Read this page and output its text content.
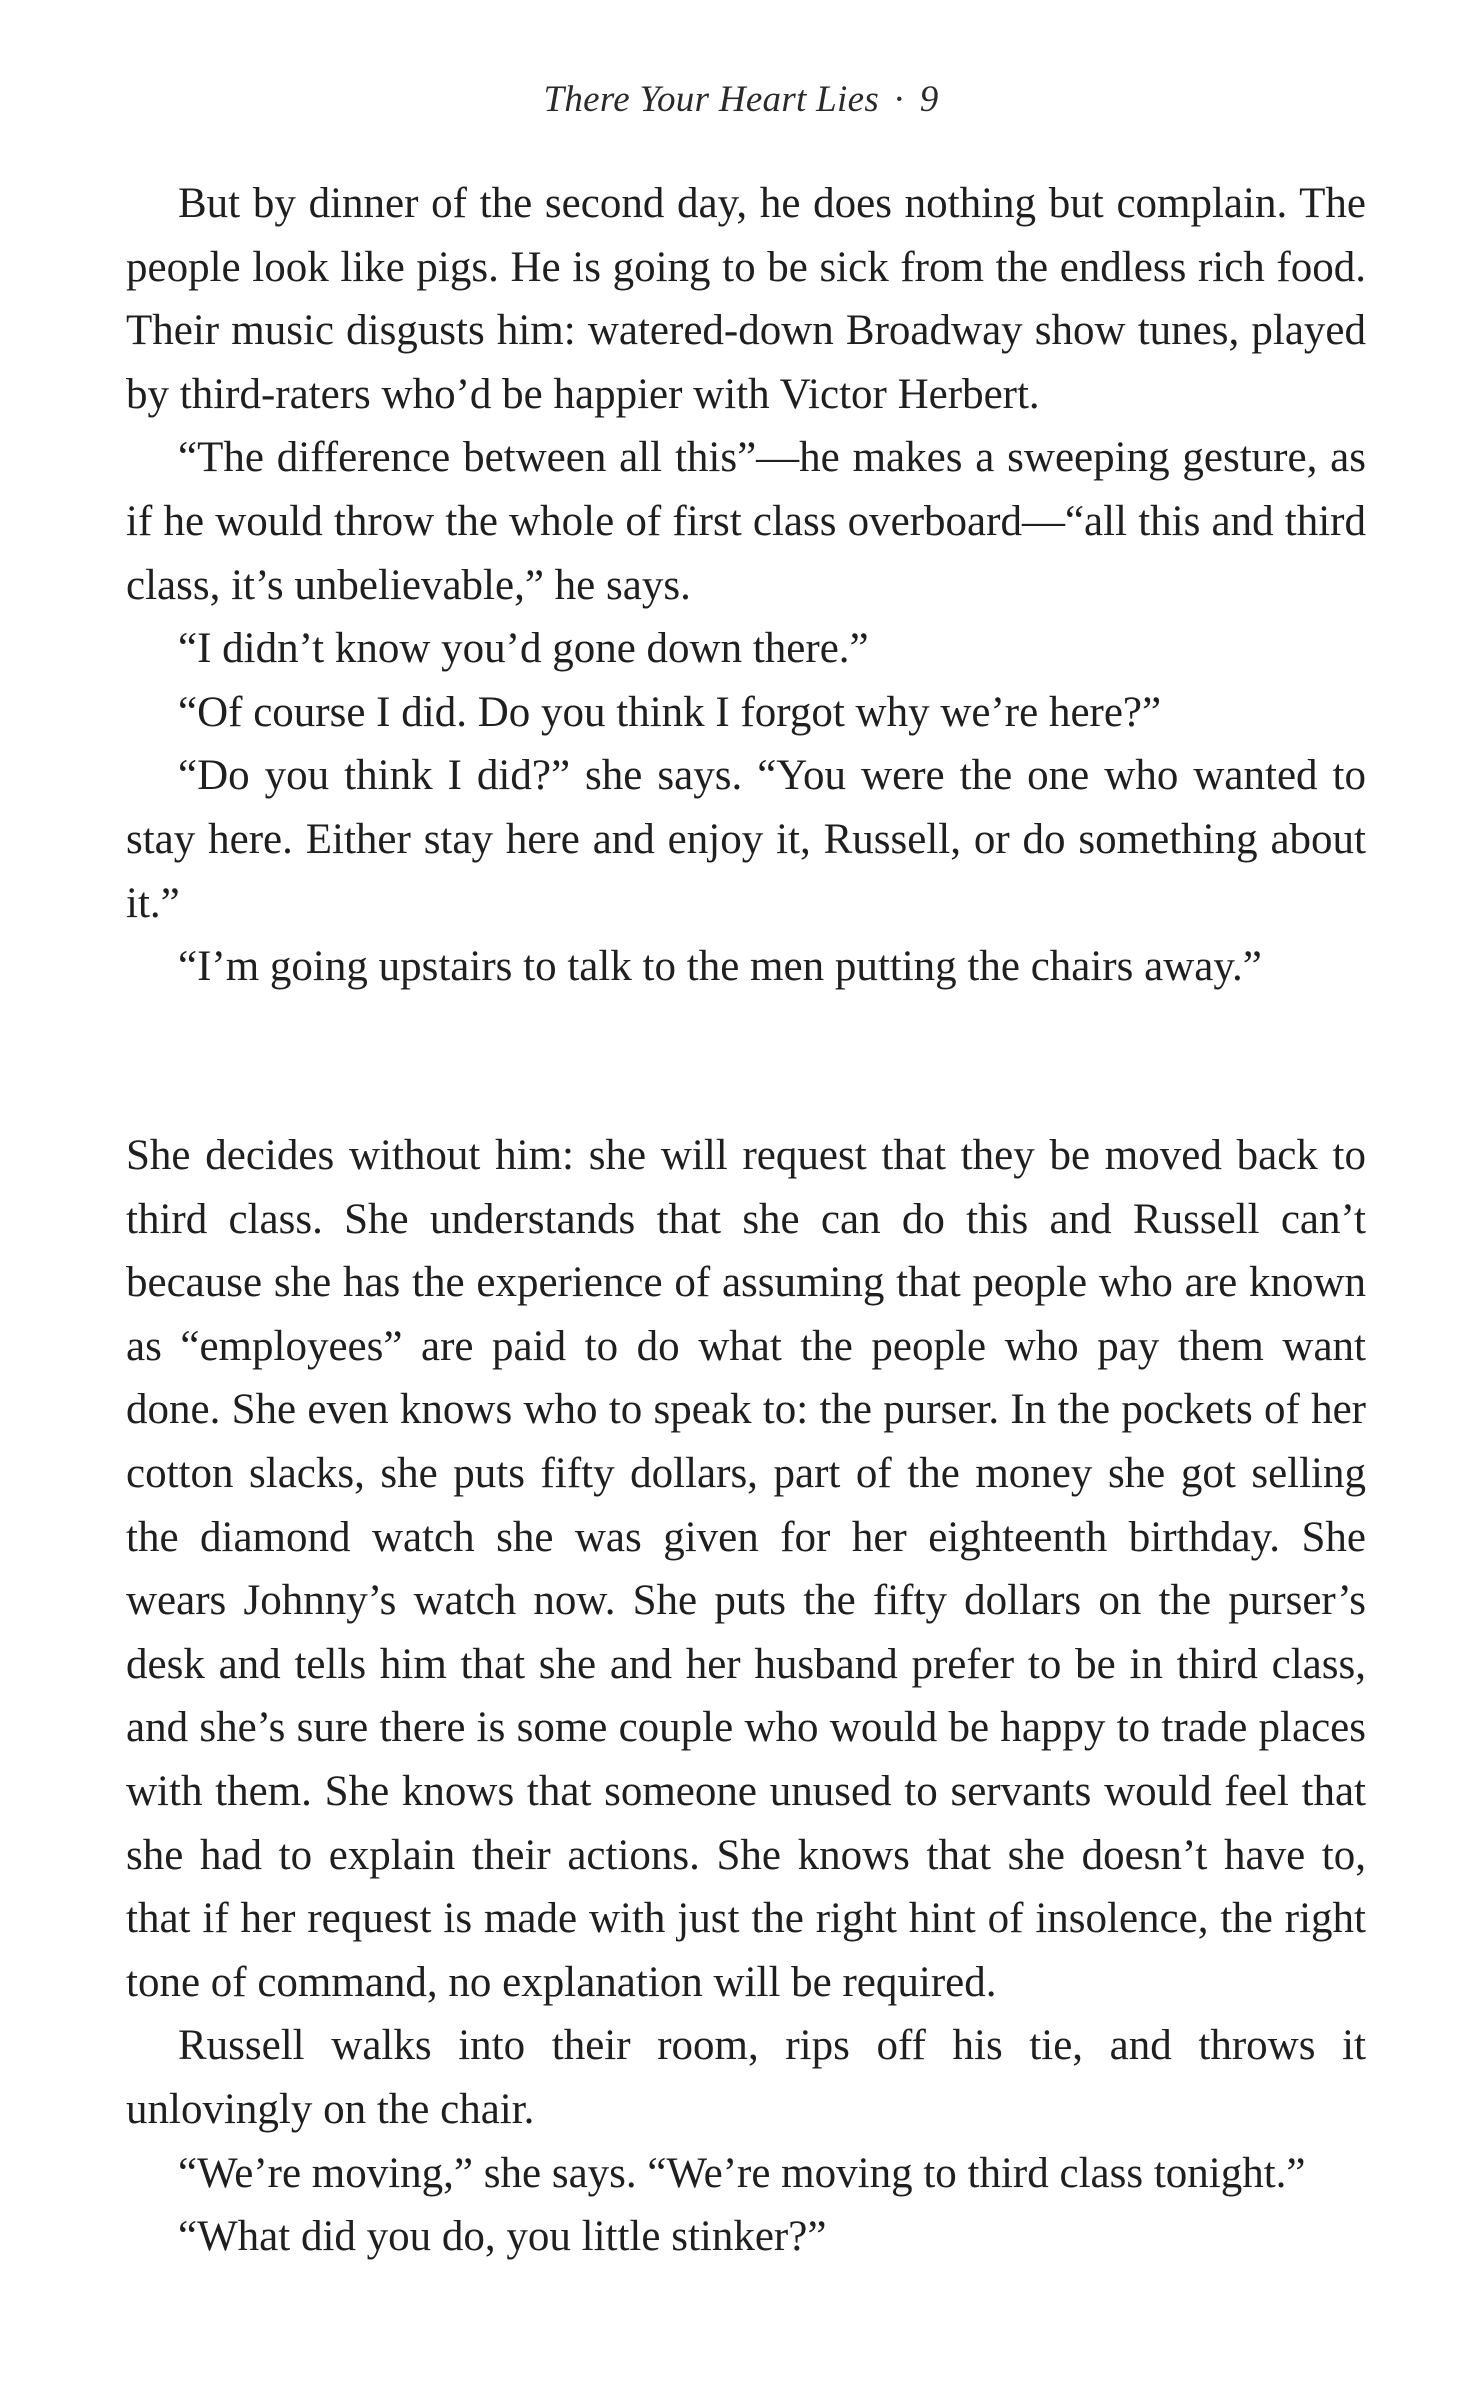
There Your Heart Lies · 9

But by dinner of the second day, he does nothing but complain. The people look like pigs. He is going to be sick from the endless rich food. Their music disgusts him: watered-down Broadway show tunes, played by third-raters who’d be happier with Victor Herbert.

“The difference between all this”—he makes a sweeping gesture, as if he would throw the whole of first class overboard—“all this and third class, it’s unbelievable,” he says.

“I didn’t know you’d gone down there.”

“Of course I did. Do you think I forgot why we’re here?”

“Do you think I did?” she says. “You were the one who wanted to stay here. Either stay here and enjoy it, Russell, or do something about it.”

“I’m going upstairs to talk to the men putting the chairs away.”

She decides without him: she will request that they be moved back to third class. She understands that she can do this and Russell can’t because she has the experience of assuming that people who are known as “employees” are paid to do what the people who pay them want done. She even knows who to speak to: the purser. In the pockets of her cotton slacks, she puts fifty dollars, part of the money she got selling the diamond watch she was given for her eighteenth birthday. She wears Johnny’s watch now. She puts the fifty dollars on the purser’s desk and tells him that she and her husband prefer to be in third class, and she’s sure there is some couple who would be happy to trade places with them. She knows that someone unused to servants would feel that she had to explain their actions. She knows that she doesn’t have to, that if her request is made with just the right hint of insolence, the right tone of command, no explanation will be required.

Russell walks into their room, rips off his tie, and throws it unlovingly on the chair.

“We’re moving,” she says. “We’re moving to third class tonight.”

“What did you do, you little stinker?”
